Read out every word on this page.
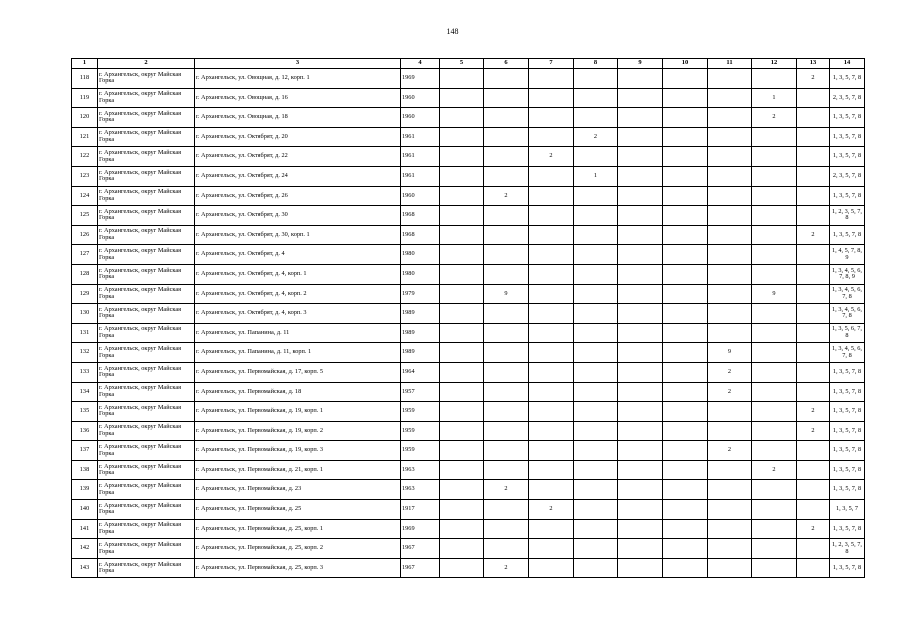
148
1	2	3	4	5	6	7	8	9	10	11	12	13	14
118	г. Архангельск, округ Майская Горка	г. Архангельск, ул. Овощная, д. 12, корп. 1	1969									2	1, 3, 5, 7, 8
119	г. Архангельск, округ Майская Горка	г. Архангельск, ул. Овощная, д. 16	1960								1		2, 3, 5, 7, 8
120	г. Архангельск, округ Майская Горка	г. Архангельск, ул. Овощная, д. 18	1960								2		1, 3, 5, 7, 8
121	г. Архангельск, округ Майская Горка	г. Архангельск, ул. Октябрят, д. 20	1961				2						1, 3, 5, 7, 8
122	г. Архангельск, округ Майская Горка	г. Архангельск, ул. Октябрят, д. 22	1961			2							1, 3, 5, 7, 8
123	г. Архангельск, округ Майская Горка	г. Архангельск, ул. Октябрят, д. 24	1961				1						2, 3, 5, 7, 8
124	г. Архангельск, округ Майская Горка	г. Архангельск, ул. Октябрят, д. 26	1960		2								1, 3, 5, 7, 8
125	г. Архангельск, округ Майская Горка	г. Архангельск, ул. Октябрят, д. 30	1968										1, 2, 3, 5, 7, 8
126	г. Архангельск, округ Майская Горка	г. Архангельск, ул. Октябрят, д. 30, корп. 1	1968									2	1, 3, 5, 7, 8
127	г. Архангельск, округ Майская Горка	г. Архангельск, ул. Октябрят, д. 4	1980										1, 4, 5, 7, 8, 9
128	г. Архангельск, округ Майская Горка	г. Архангельск, ул. Октябрят, д. 4, корп. 1	1980										1, 3, 4, 5, 6, 7, 8, 9
129	г. Архангельск, округ Майская Горка	г. Архангельск, ул. Октябрят, д. 4, корп. 2	1979		9						9		1, 3, 4, 5, 6, 7, 8
130	г. Архангельск, округ Майская Горка	г. Архангельск, ул. Октябрят, д. 4, корп. 3	1989										1, 3, 4, 5, 6, 7, 8
131	г. Архангельск, округ Майская Горка	г. Архангельск, ул. Папанина, д. 11	1989										1, 3, 5, 6, 7, 8
132	г. Архангельск, округ Майская Горка	г. Архангельск, ул. Папанина, д. 11, корп. 1	1989							9			1, 3, 4, 5, 6, 7, 8
133	г. Архангельск, округ Майская Горка	г. Архангельск, ул. Первомайская, д. 17, корп. 5	1964							2			1, 3, 5, 7, 8
134	г. Архангельск, округ Майская Горка	г. Архангельск, ул. Первомайская, д. 18	1957							2			1, 3, 5, 7, 8
135	г. Архангельск, округ Майская Горка	г. Архангельск, ул. Первомайская, д. 19, корп. 1	1959									2	1, 3, 5, 7, 8
136	г. Архангельск, округ Майская Горка	г. Архангельск, ул. Первомайская, д. 19, корп. 2	1959									2	1, 3, 5, 7, 8
137	г. Архангельск, округ Майская Горка	г. Архангельск, ул. Первомайская, д. 19, корп. 3	1959							2			1, 3, 5, 7, 8
138	г. Архангельск, округ Майская Горка	г. Архангельск, ул. Первомайская, д. 21, корп. 1	1963								2		1, 3, 5, 7, 8
139	г. Архангельск, округ Майская Горка	г. Архангельск, ул. Первомайская, д. 23	1963		2								1, 3, 5, 7, 8
140	г. Архангельск, округ Майская Горка	г. Архангельск, ул. Первомайская, д. 25	1917			2							1, 3, 5, 7
141	г. Архангельск, округ Майская Горка	г. Архангельск, ул. Первомайская, д. 25, корп. 1	1969									2	1, 3, 5, 7, 8
142	г. Архангельск, округ Майская Горка	г. Архангельск, ул. Первомайская, д. 25, корп. 2	1967										1, 2, 3, 5, 7, 8
143	г. Архангельск, округ Майская Горка	г. Архангельск, ул. Первомайская, д. 25, корп. 3	1967		2								1, 3, 5, 7, 8
